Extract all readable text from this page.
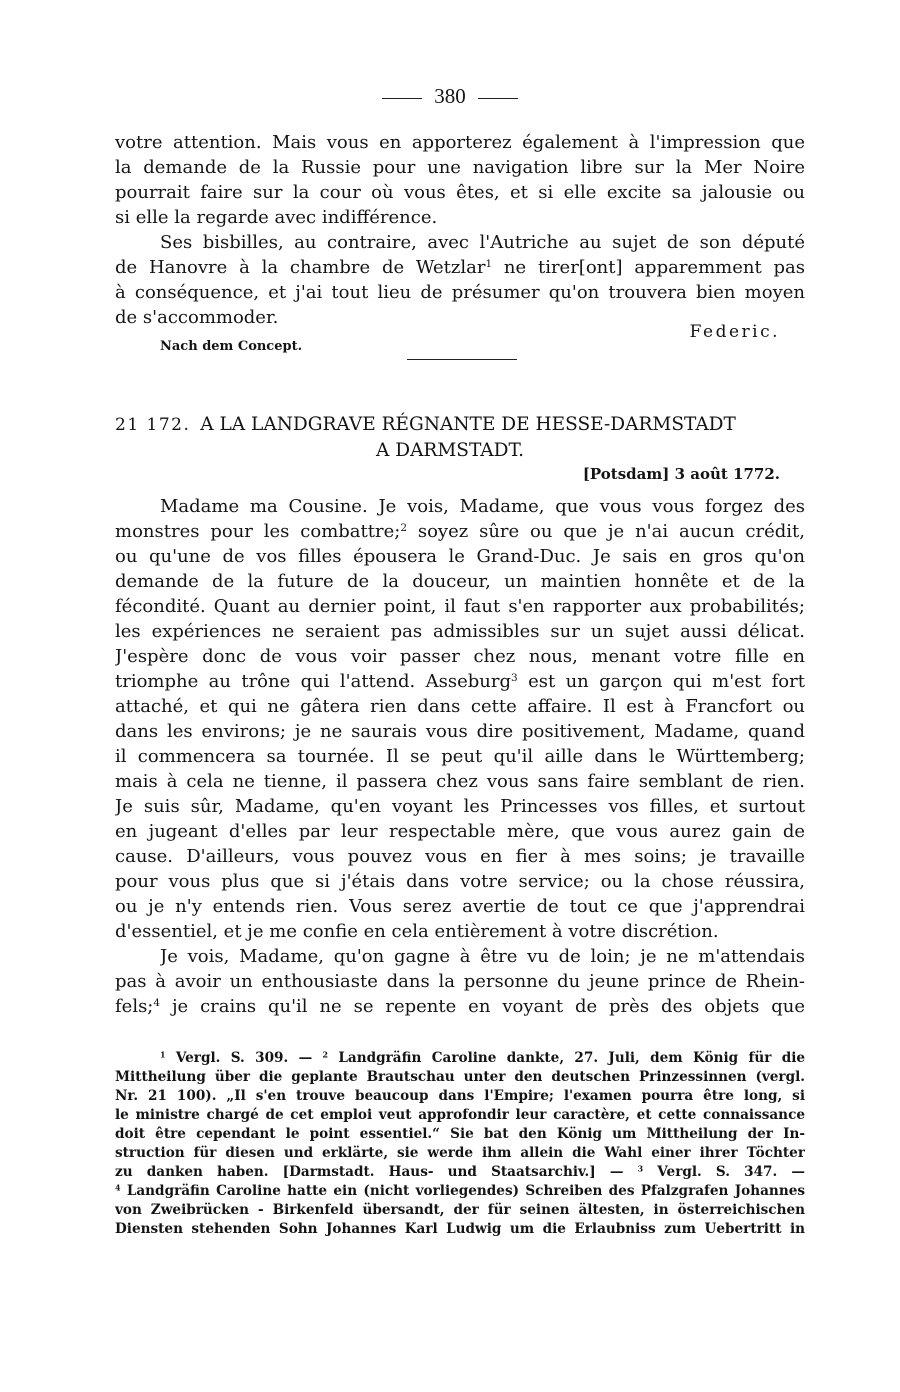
380
votre attention. Mais vous en apporterez également à l'impression que
la demande de la Russie pour une navigation libre sur la Mer Noire
pourrait faire sur la cour où vous êtes, et si elle excite sa jalousie ou
si elle la regarde avec indifférence.
Ses bisbilles, au contraire, avec l'Autriche au sujet de son député
de Hanovre à la chambre de Wetzlar$^1$ ne tirer[ont] apparemment pas
à conséquence, et j'ai tout lieu de présumer qu'on trouvera bien moyen
de s'accommoder.
Federic.
Nach dem Concept.
21 172. A LA LANDGRAVE RÉGNANTE DE HESSE-DARMSTADT
A DARMSTADT.
[Potsdam] 3 août 1772.
Madame ma Cousine. Je vois, Madame, que vous vous forgez des
monstres pour les combattre;$^2$ soyez sûre ou que je n'ai aucun crédit,
ou qu'une de vos filles épousera le Grand-Duc. Je sais en gros qu'on
demande de la future de la douceur, un maintien honnête et de la
fécondité. Quant au dernier point, il faut s'en rapporter aux probabilités;
les expériences ne seraient pas admissibles sur un sujet aussi délicat.
J'espère donc de vous voir passer chez nous, menant votre fille en
triomphe au trône qui l'attend. Asseburg$^3$ est un garçon qui m'est fort
attaché, et qui ne gâtera rien dans cette affaire. Il est à Francfort ou
dans les environs; je ne saurais vous dire positivement, Madame, quand
il commencera sa tournée. Il se peut qu'il aille dans le Württemberg;
mais à cela ne tienne, il passera chez vous sans faire semblant de rien.
Je suis sûr, Madame, qu'en voyant les Princesses vos filles, et surtout
en jugeant d'elles par leur respectable mère, que vous aurez gain de
cause. D'ailleurs, vous pouvez vous en fier à mes soins; je travaille
pour vous plus que si j'étais dans votre service; ou la chose réussira,
ou je n'y entends rien. Vous serez avertie de tout ce que j'apprendrai
d'essentiel, et je me confie en cela entièrement à votre discrétion.
Je vois, Madame, qu'on gagne à être vu de loin; je ne m'attendais
pas à avoir un enthousiaste dans la personne du jeune prince de Rhein-
fels;$^4$ je crains qu'il ne se repente en voyant de près des objets que
$^1$ Vergl. S. 309. — $^2$ Landgräfin Caroline dankte, 27. Juli, dem König für die
Mittheilung über die geplante Brautschau unter den deutschen Prinzessinnen (vergl.
Nr. 21 100). „Il s'en trouve beaucoup dans l'Empire; l'examen pourra être long, si
le ministre chargé de cet emploi veut approfondir leur caractère, et cette connaissance
doit être cependant le point essentiel.“ Sie bat den König um Mittheilung der In-
struction für diesen und erklärte, sie werde ihm allein die Wahl einer ihrer Töchter
zu danken haben. [Darmstadt. Haus- und Staatsarchiv.] — $^3$ Vergl. S. 347. —
$^4$ Landgräfin Caroline hatte ein (nicht vorliegendes) Schreiben des Pfalzgrafen Johannes
von Zweibrücken - Birkenfeld übersandt, der für seinen ältesten, in österreichischen
Diensten stehenden Sohn Johannes Karl Ludwig um die Erlaubniss zum Uebertritt in
